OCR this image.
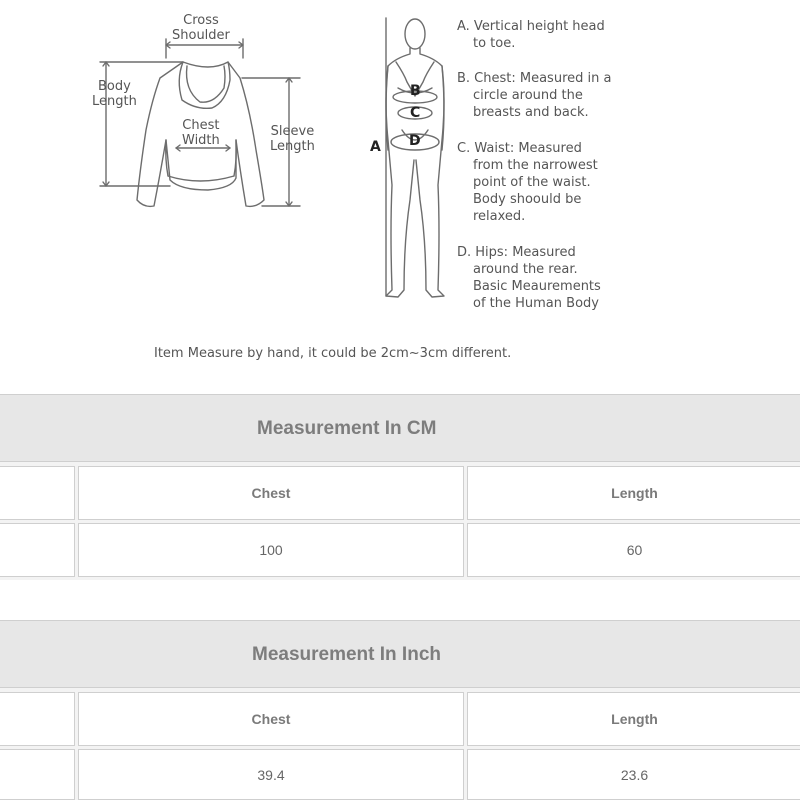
Cross
Shoulder
Body
Length
Chest
Width
Sleeve
Length	A
B
C
D
A. Vertical height head
to toe.
B. Chest: Measured in a
circle around the
breasts and back.
C. Waist: Measured
from the narrowest
point of the waist.
Body shoould be
relaxed.
D. Hips: Measured
around the rear.
Basic Meaurements
of the Human Body
Item Measure by hand, it could be 2cm~3cm different.
Measurement In CM
Chest	Length
100	60
Measurement In Inch
Chest	Length
39.4	23.6
